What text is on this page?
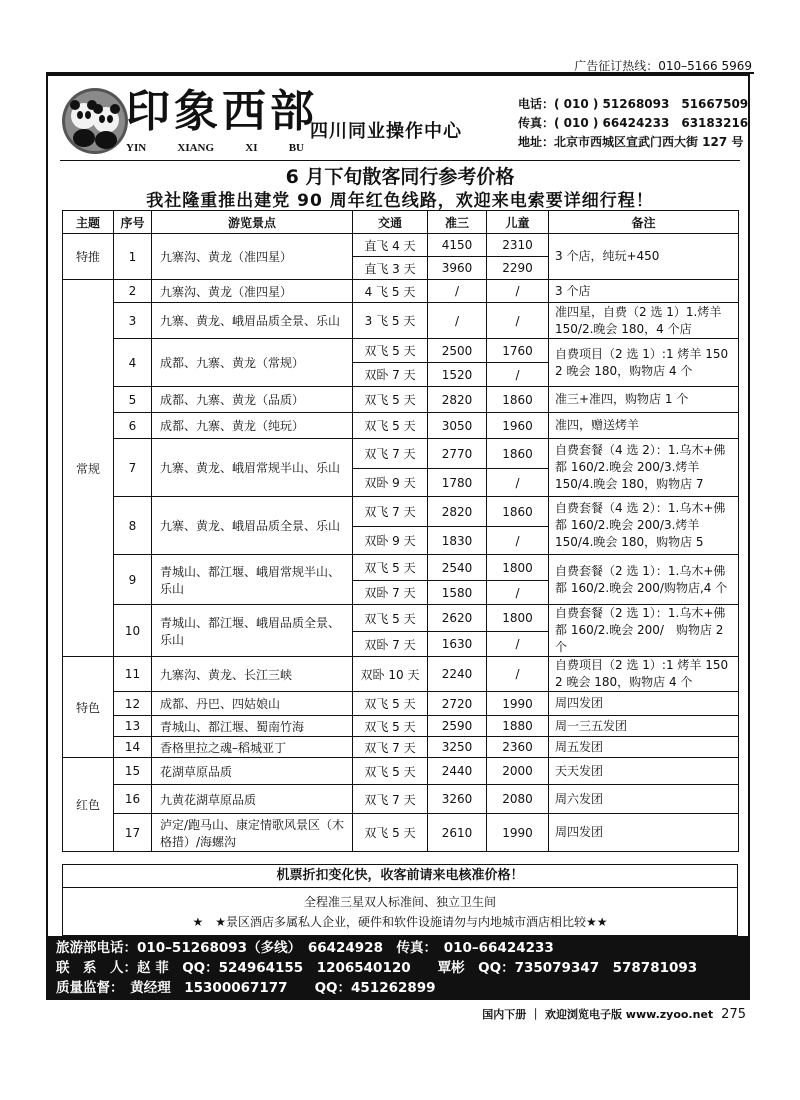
广告征订热线：010–5166 5969
印象西部
YIN	XIANG	XI	BU
四川同业操作中心
电话：( 010 ) 51268093　51667509
传真：( 010 ) 66424233　63183216
地址：北京市西城区宣武门西大街 127 号
6 月下旬散客同行参考价格
我社隆重推出建党 90 周年红色线路，欢迎来电索要详细行程！
主题	序号	游览景点	交通	准三	儿童	备注
特推	1	九寨沟、黄龙（准四星）	直飞 4 天	4150	2310	3 个店，纯玩+450
			直飞 3 天	3960	2290	
常规	2	九寨沟、黄龙（准四星）	4 飞 5 天	/	/	3 个店
	3	九寨、黄龙、峨眉品质全景、乐山	3 飞 5 天	/	/	准四星，自费（2 选 1）1.烤羊 150/2.晚会 180，4 个店
	4	成都、九寨、黄龙（常规）	双飞 5 天	2500	1760	自费项目（2 选 1）:1 烤羊 150 2 晚会 180，购物店 4 个
			双卧 7 天	1520	/	
	5	成都、九寨、黄龙（品质）	双飞 5 天	2820	1860	准三+准四，购物店 1 个
	6	成都、九寨、黄龙（纯玩）	双飞 5 天	3050	1960	准四，赠送烤羊
	7	九寨、黄龙、峨眉常规半山、乐山	双飞 7 天	2770	1860	自费套餐（4 选 2）：1.乌木+佛都 160/2.晚会 200/3.烤羊 150/4.晚会 180，购物店 7
			双卧 9 天	1780	/	
	8	九寨、黄龙、峨眉品质全景、乐山	双飞 7 天	2820	1860	自费套餐（4 选 2）：1.乌木+佛都 160/2.晚会 200/3.烤羊 150/4.晚会 180，购物店 5
			双卧 9 天	1830	/	
	9	青城山、都江堰、峨眉常规半山、乐山	双飞 5 天	2540	1800	自费套餐（2 选 1）：1.乌木+佛都 160/2.晚会 200/购物店,4 个
			双卧 7 天	1580	/	
	10	青城山、都江堰、峨眉品质全景、乐山	双飞 5 天	2620	1800	自费套餐（2 选 1）：1.乌木+佛都 160/2.晚会 200/　购物店 2 个
			双卧 7 天	1630	/	
特色	11	九寨沟、黄龙、长江三峡	双卧 10 天	2240	/	自费项目（2 选 1）:1 烤羊 150 2 晚会 180，购物店 4 个
	12	成都、丹巴、四姑娘山	双飞 5 天	2720	1990	周四发团
	13	青城山、都江堰、蜀南竹海	双飞 5 天	2590	1880	周一三五发团
	14	香格里拉之魂–稻城亚丁	双飞 7 天	3250	2360	周五发团
红色	15	花湖草原品质	双飞 5 天	2440	2000	天天发团
	16	九黄花湖草原品质	双飞 7 天	3260	2080	周六发团
	17	泸定/跑马山、康定情歌风景区（木格措）/海螺沟	双飞 5 天	2610	1990	周四发团
机票折扣变化快，收客前请来电核准价格！
全程准三星双人标准间、独立卫生间
★　★景区酒店多属私人企业，硬件和软件设施请勿与内地城市酒店相比较★★
旅游部电话：010–51268093（多线）　66424928　传真：　010–66424233
联　系　人：赵 菲　QQ：524964155　1206540120　　覃彬　QQ：735079347　578781093
质量监督：　黄经理　15300067177　　QQ：451262899
国内下册 ｜ 欢迎浏览电子版 www.zyoo.net 275
